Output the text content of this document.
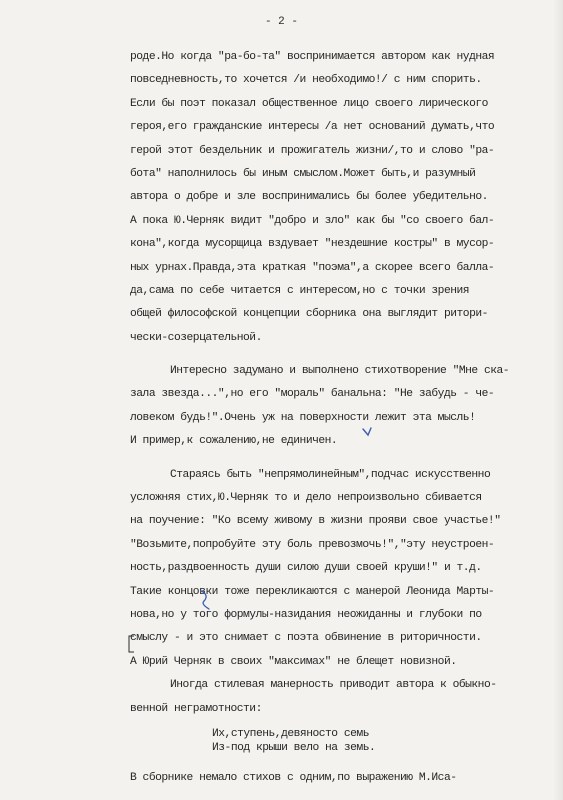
- 2 -
роде.Но когда "ра-бо-та" воспринимается автором как нудная
повседневность,то хочется /и необходимо!/ с ним спорить.
Если бы поэт показал общественное лицо своего лирического
героя,его гражданские интересы /а нет оснований думать,что
герой этот бездельник и прожигатель жизни/,то и слово "ра-
бота" наполнилось бы иным смыслом.Может быть,и разумный
автора о добре и зле воспринимались бы более убедительно.
А пока Ю.Черняк видит "добро и зло" как бы "со своего бал-
кона",когда мусорщица вздувает "нездешние костры" в мусор-
ных урнах.Правда,эта краткая "поэма",а скорее всего балла-
да,сама по себе читается с интересом,но с точки зрения
общей философской концепции сборника она выглядит ритори-
чески-созерцательной.
Интересно задумано и выполнено стихотворение "Мне ска-
зала звезда...",но его "мораль" банальна: "Не забудь - че-
ловеком будь!".Очень уж на поверхности лежит эта мысль!
И пример,к сожалению,не единичен.
Стараясь быть "непрямолинейным",подчас искусственно
усложняя стих,Ю.Черняк то и дело непроизвольно сбивается
на поучение: "Ко всему живому в жизни прояви свое участье!"
"Возьмите,попробуйте эту боль превозмочь!","эту неустроен-
ность,раздвоенность души силою души своей круши!" и т.д.
Такие концовки тоже перекликаются с манерой Леонида Марты-
нова,но у того формулы-назидания неожиданны и глубоки по
смыслу - и это снимает с поэта обвинение в риторичности.
А Юрий Черняк в своих "максимах" не блещет новизной.
Иногда стилевая манерность приводит автора к обыкно-
венной неграмотности:
Их,ступень,девяносто семь
Из-под крыши вело на земь.
В сборнике немало стихов с одним,по выражению М.Иса-
